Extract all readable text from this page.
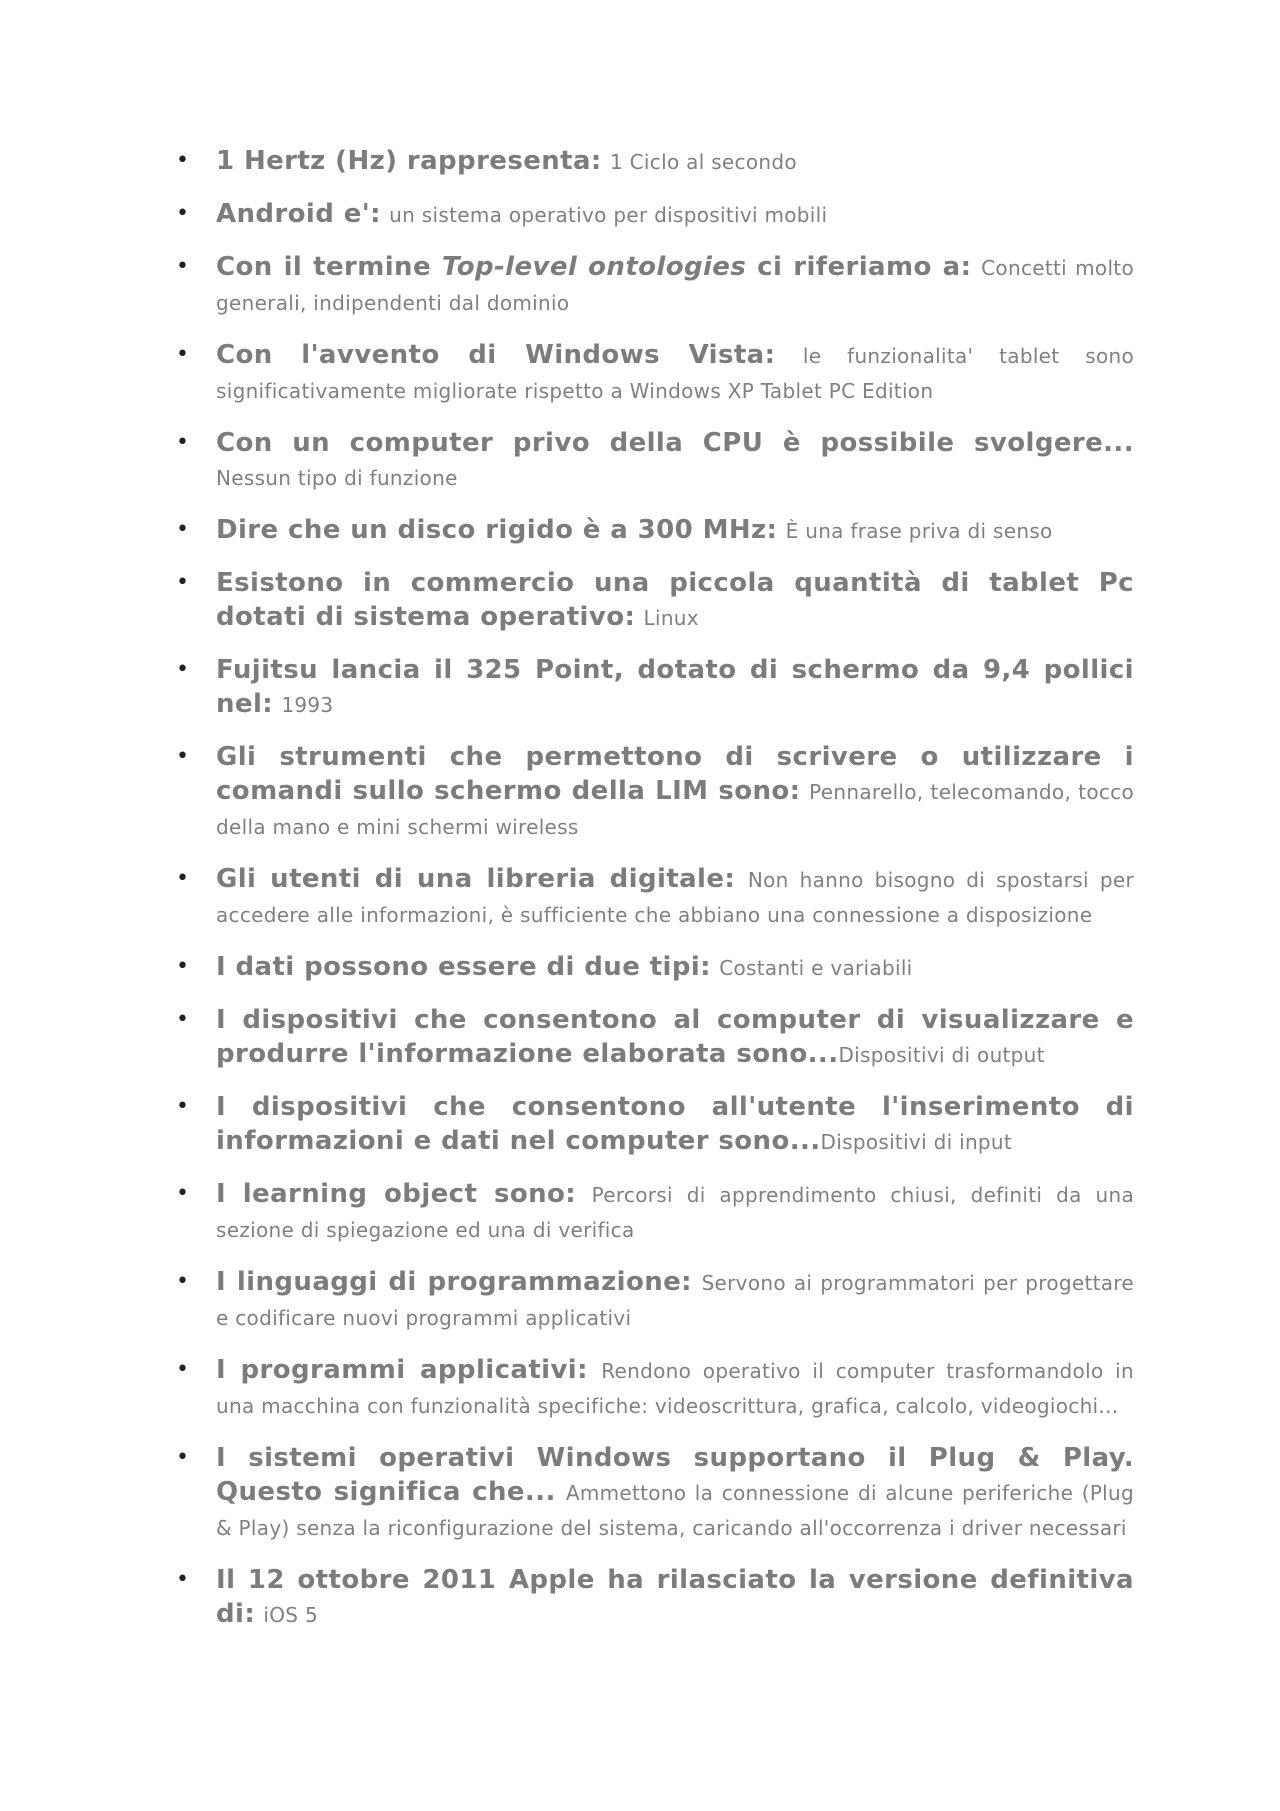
• 1 Hertz (Hz) rappresenta: 1 Ciclo al secondo
• Android e': un sistema operativo per dispositivi mobili
• Con il termine Top-level ontologies ci riferiamo a: Concetti molto generali, indipendenti dal dominio
• Con l'avvento di Windows Vista: le funzionalita' tablet sono significativamente migliorate rispetto a Windows XP Tablet PC Edition
• Con un computer privo della CPU è possibile svolgere... Nessun tipo di funzione
• Dire che un disco rigido è a 300 MHz: È una frase priva di senso
• Esistono in commercio una piccola quantità di tablet Pc dotati di sistema operativo: Linux
• Fujitsu lancia il 325 Point, dotato di schermo da 9,4 pollici nel: 1993
• Gli strumenti che permettono di scrivere o utilizzare i comandi sullo schermo della LIM sono: Pennarello, telecomando, tocco della mano e mini schermi wireless
• Gli utenti di una libreria digitale: Non hanno bisogno di spostarsi per accedere alle informazioni, è sufficiente che abbiano una connessione a disposizione
• I dati possono essere di due tipi: Costanti e variabili
• I dispositivi che consentono al computer di visualizzare e produrre l'informazione elaborata sono...Dispositivi di output
• I dispositivi che consentono all'utente l'inserimento di informazioni e dati nel computer sono...Dispositivi di input
• I learning object sono: Percorsi di apprendimento chiusi, definiti da una sezione di spiegazione ed una di verifica
• I linguaggi di programmazione: Servono ai programmatori per progettare e codificare nuovi programmi applicativi
• I programmi applicativi: Rendono operativo il computer trasformandolo in una macchina con funzionalità specifiche: videoscrittura, grafica, calcolo, videogiochi...
• I sistemi operativi Windows supportano il Plug & Play. Questo significa che... Ammettono la connessione di alcune periferiche (Plug & Play) senza la riconfigurazione del sistema, caricando all'occorrenza i driver necessari
• Il 12 ottobre 2011 Apple ha rilasciato la versione definitiva di: iOS 5
